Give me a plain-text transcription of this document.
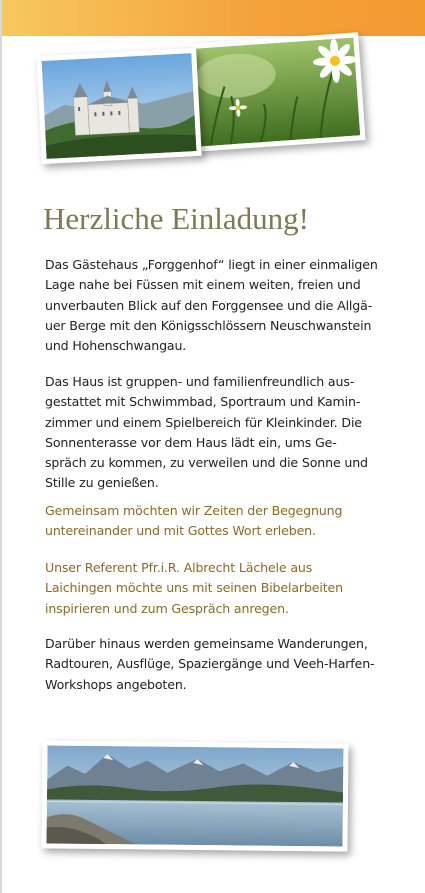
Herzliche Einladung!
Das Gästehaus „Forggenhof“ liegt in einer einmaligen
Lage nahe bei Füssen mit einem weiten, freien und
unverbauten Blick auf den Forggensee und die Allgä-
uer Berge mit den Königsschlössern Neuschwanstein
und Hohenschwangau.
Das Haus ist gruppen- und familienfreundlich aus-
gestattet mit Schwimmbad, Sportraum und Kamin-
zimmer und einem Spielbereich für Kleinkinder. Die
Sonnenterasse vor dem Haus lädt ein, ums Ge-
spräch zu kommen, zu verweilen und die Sonne und
Stille zu genießen.
Gemeinsam möchten wir Zeiten der Begegnung
untereinander und mit Gottes Wort erleben.
Unser Referent Pfr.i.R. Albrecht Lächele aus
Laichingen möchte uns mit seinen Bibelarbeiten
inspirieren und zum Gespräch anregen.
Darüber hinaus werden gemeinsame Wanderungen,
Radtouren, Ausflüge, Spaziergänge und Veeh-Harfen-
Workshops angeboten.
